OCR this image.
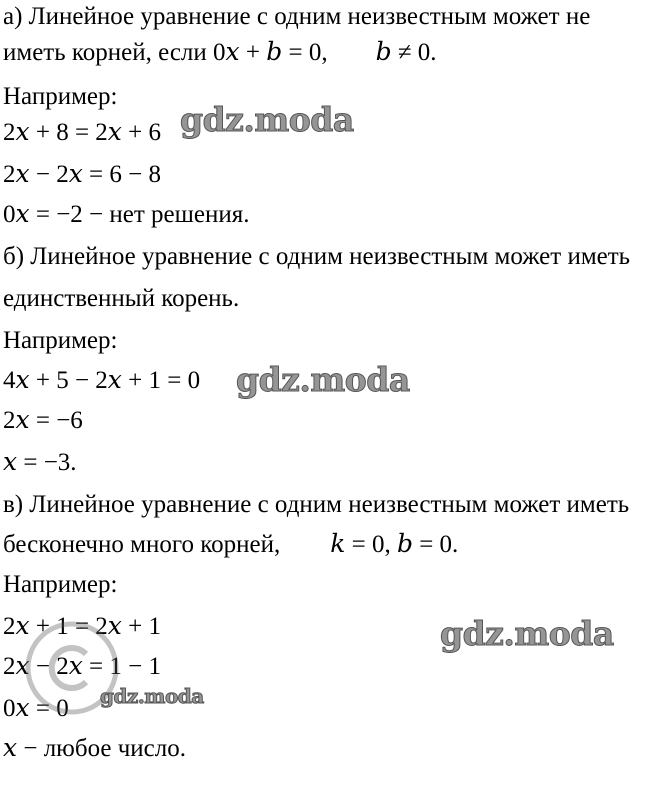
а) Линейное уравнение с одним неизвестным может не
иметь корней, если 0𝑥 + 𝑏 = 0, 𝑏 ≠ 0.
Например:
2𝑥 + 8 = 2𝑥 + 6
2𝑥 − 2𝑥 = 6 − 8
0𝑥 = −2 − нет решения.
б) Линейное уравнение с одним неизвестным может иметь
единственный корень.
Например:
4𝑥 + 5 − 2𝑥 + 1 = 0
2𝑥 = −6
𝑥 = −3.
в) Линейное уравнение с одним неизвестным может иметь
бесконечно много корней, 𝑘 = 0, 𝑏 = 0.
Например:
2𝑥 + 1 = 2𝑥 + 1
2𝑥 − 2𝑥 = 1 − 1
0𝑥 = 0
𝑥 − любое число.
gdz.moda
gdz.moda
gdz.moda
gdz.moda
